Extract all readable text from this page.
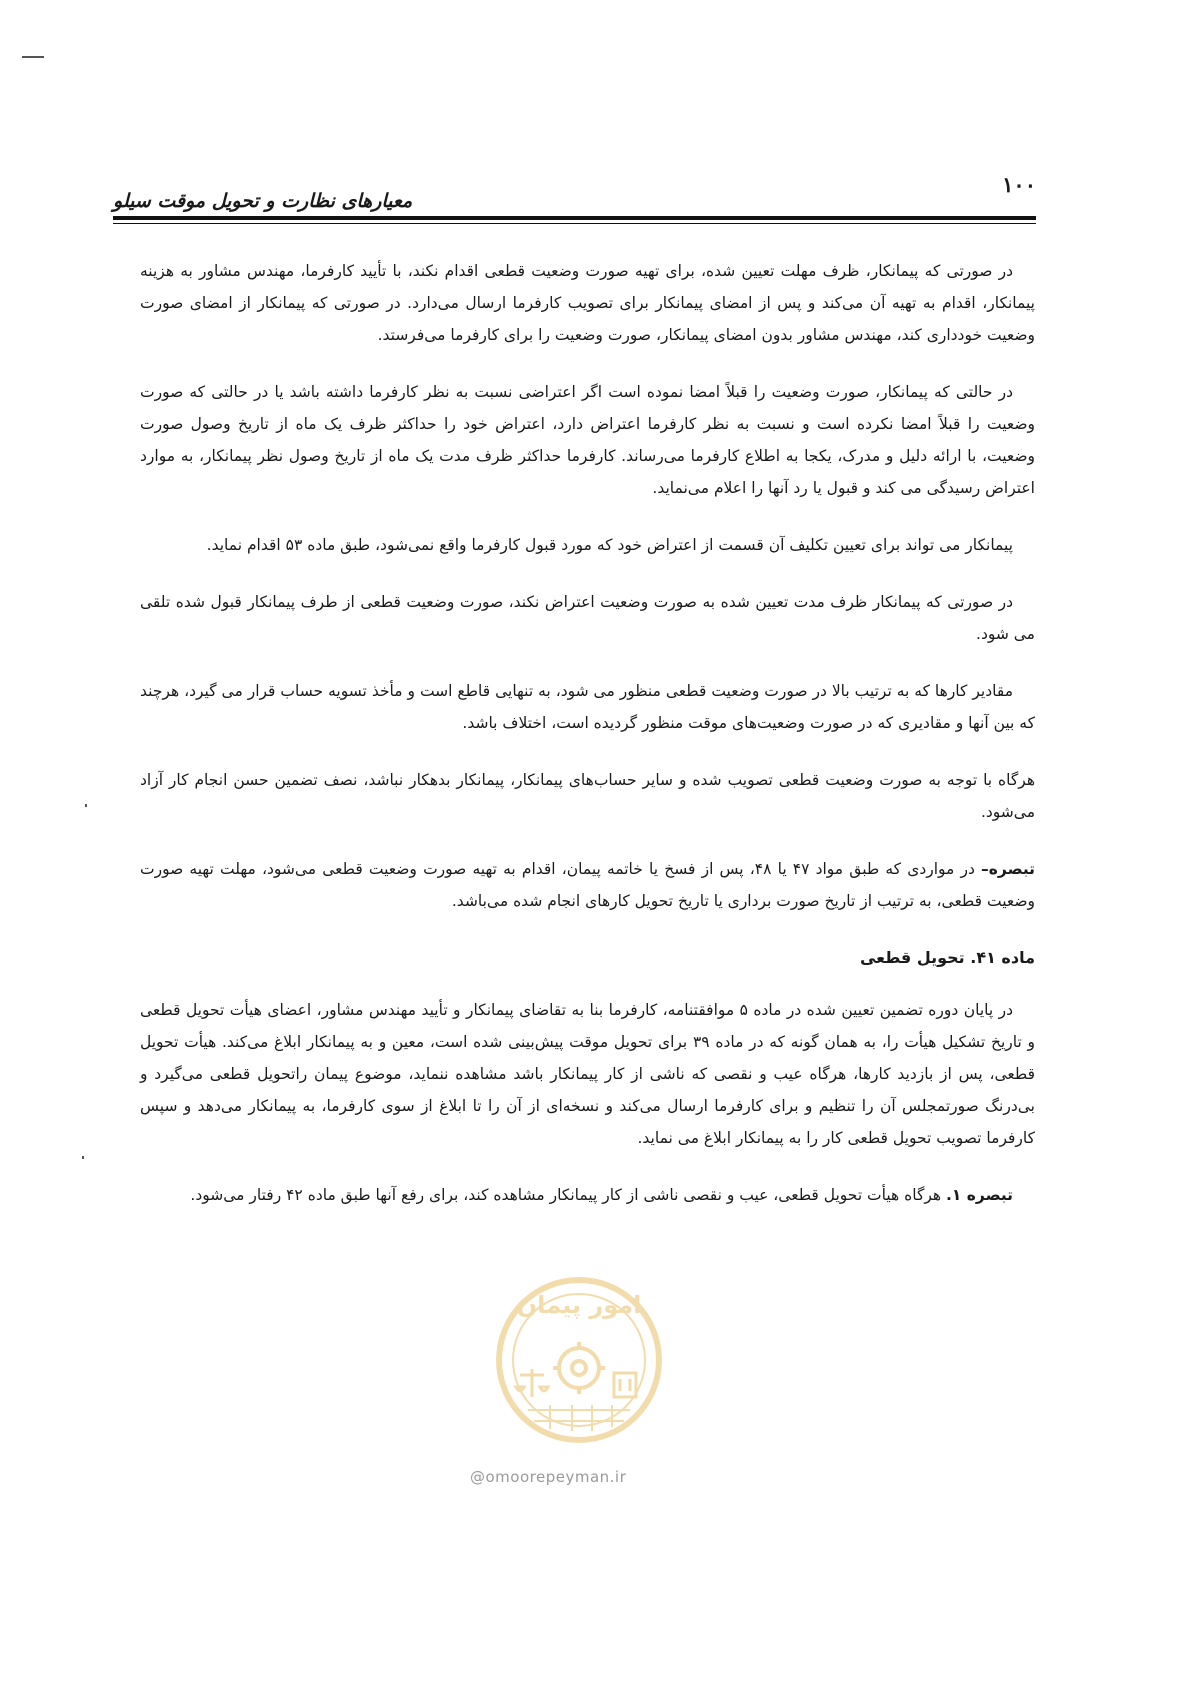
۱۰۰
معیارهای نظارت و تحویل موقت سیلو

در صورتی که پیمانکار، ظرف مهلت تعیین شده، برای تهیه صورت وضعیت قطعی اقدام نکند، با تأیید کارفرما، مهندس مشاور به هزینه پیمانکار، اقدام به تهیه آن می‌کند و پس از امضای پیمانکار برای تصویب کارفرما ارسال می‌دارد. در صورتی که پیمانکار از امضای صورت وضعیت خودداری کند، مهندس مشاور بدون امضای پیمانکار، صورت وضعیت را برای کارفرما می‌فرستد.

در حالتی که پیمانکار، صورت وضعیت را قبلاً امضا نموده است اگر اعتراضی نسبت به نظر کارفرما داشته باشد یا در حالتی که صورت وضعیت را قبلاً امضا نکرده است و نسبت به نظر کارفرما اعتراض دارد، اعتراض خود را حداکثر ظرف یک ماه از تاریخ وصول صورت وضعیت، با ارائه دلیل و مدرک، یکجا به اطلاع کارفرما می‌رساند. کارفرما حداکثر ظرف مدت یک ماه از تاریخ وصول نظر پیمانکار، به موارد اعتراض رسیدگی می کند و قبول یا رد آنها را اعلام می‌نماید.

پیمانکار می تواند برای تعیین تکلیف آن قسمت از اعتراض خود که مورد قبول کارفرما واقع نمی‌شود، طبق ماده ۵۳ اقدام نماید.

در صورتی که پیمانکار ظرف مدت تعیین شده به صورت وضعیت اعتراض نکند، صورت وضعیت قطعی از طرف پیمانکار قبول شده تلقی می شود.

مقادیر کارها که به ترتیب بالا در صورت وضعیت قطعی منظور می شود، به تنهایی قاطع است و مأخذ تسویه حساب قرار می گیرد، هرچند که بین آنها و مقادیری که در صورت وضعیت‌های موقت منظور گردیده است، اختلاف باشد.

هرگاه با توجه به صورت وضعیت قطعی تصویب شده و سایر حساب‌های پیمانکار، پیمانکار بدهکار نباشد، نصف تضمین حسن انجام کار آزاد می‌شود.

تبصره– در مواردی که طبق مواد ۴۷ یا ۴۸، پس از فسخ یا خاتمه پیمان، اقدام به تهیه صورت وضعیت قطعی می‌شود، مهلت تهیه صورت وضعیت قطعی، به ترتیب از تاریخ صورت برداری یا تاریخ تحویل کارهای انجام شده می‌باشد.

ماده ۴۱. تحویل قطعی

در پایان دوره تضمین تعیین شده در ماده ۵ موافقتنامه، کارفرما بنا به تقاضای پیمانکار و تأیید مهندس مشاور، اعضای هیأت تحویل قطعی و تاریخ تشکیل هیأت را، به همان گونه که در ماده ۳۹ برای تحویل موقت پیش‌بینی شده است، معین و به پیمانکار ابلاغ می‌کند. هیأت تحویل قطعی، پس از بازدید کارها، هرگاه عیب و نقصی که ناشی از کار پیمانکار باشد مشاهده ننماید، موضوع پیمان راتحویل قطعی می‌گیرد و بی‌درنگ صورتمجلس آن را تنظیم و برای کارفرما ارسال می‌کند و نسخه‌ای از آن را تا ابلاغ از سوی کارفرما، به پیمانکار می‌دهد و سپس کارفرما تصویب تحویل قطعی کار را به پیمانکار ابلاغ می نماید.

تبصره ۱. هرگاه هیأت تحویل قطعی، عیب و نقصی ناشی از کار پیمانکار مشاهده کند، برای رفع آنها طبق ماده ۴۲ رفتار می‌شود.

امور پیمان
@omoorepeyman.ir
